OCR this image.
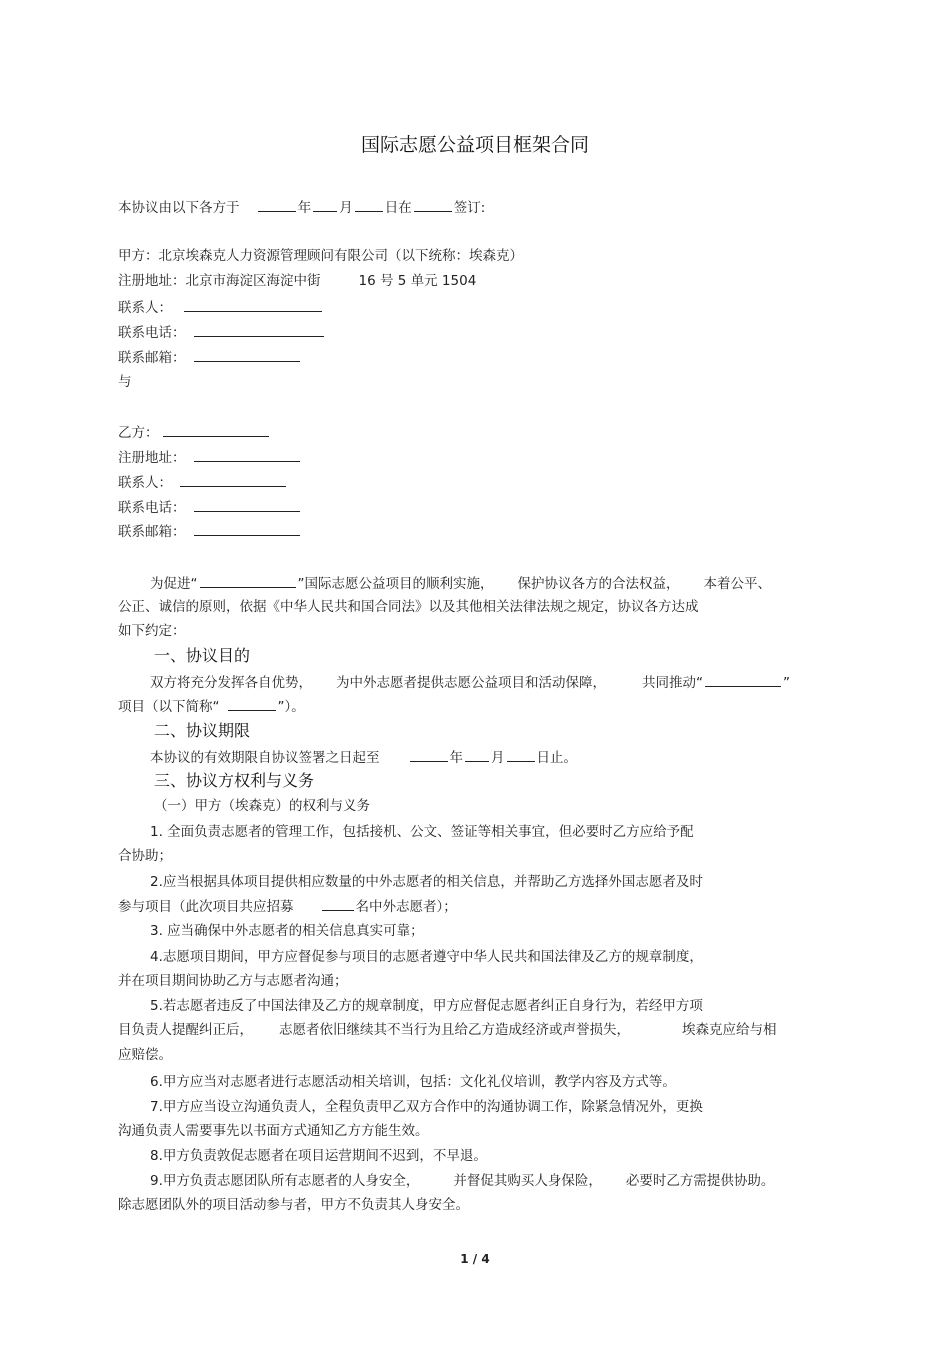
国际志愿公益项目框架合同
本协议由以下各方于	年 月 日在	签订:
甲方：北京埃森克人力资源管理顾问有限公司（以下统称：埃森克）
注册地址：北京市海淀区海淀中街	16 号 5 单元 1504
联系人：
联系电话：
联系邮箱：
与
乙方：
注册地址：
联系人：
联系电话：
联系邮箱：
为促进“	”国际志愿公益项目的顺利实施， 保护协议各方的合法权益， 本着公平、
公正、诚信的原则，依据《中华人民共和国合同法》以及其他相关法律法规之规定，协议各方达成
如下约定：
一、协议目的
双方将充分发挥各自优势， 为中外志愿者提供志愿公益项目和活动保障，	共同推动“	”
项目（以下简称“	”）。
二、协议期限
本协议的有效期限自协议签署之日起至	年 月 日止。
三、协议方权利与义务
（一）甲方（埃森克）的权利与义务
1. 全面负责志愿者的管理工作，包括接机、公文、签证等相关事宜，但必要时乙方应给予配
合协助；
2.应当根据具体项目提供相应数量的中外志愿者的相关信息，并帮助乙方选择外国志愿者及时
参与项目（此次项目共应招募	名中外志愿者）；
3. 应当确保中外志愿者的相关信息真实可靠；
4.志愿项目期间，甲方应督促参与项目的志愿者遵守中华人民共和国法律及乙方的规章制度，
并在项目期间协助乙方与志愿者沟通；
5.若志愿者违反了中国法律及乙方的规章制度，甲方应督促志愿者纠正自身行为，若经甲方项
目负责人提醒纠正后， 志愿者依旧继续其不当行为且给乙方造成经济或声誉损失，	埃森克应给与相
应赔偿。
6.甲方应当对志愿者进行志愿活动相关培训，包括：文化礼仪培训，教学内容及方式等。
7.甲方应当设立沟通负责人，全程负责甲乙双方合作中的沟通协调工作，除紧急情况外，更换
沟通负责人需要事先以书面方式通知乙方方能生效。
8.甲方负责敦促志愿者在项目运营期间不迟到，不早退。
9.甲方负责志愿团队所有志愿者的人身安全，	并督促其购买人身保险， 必要时乙方需提供协助。
除志愿团队外的项目活动参与者，甲方不负责其人身安全。
1 / 4
